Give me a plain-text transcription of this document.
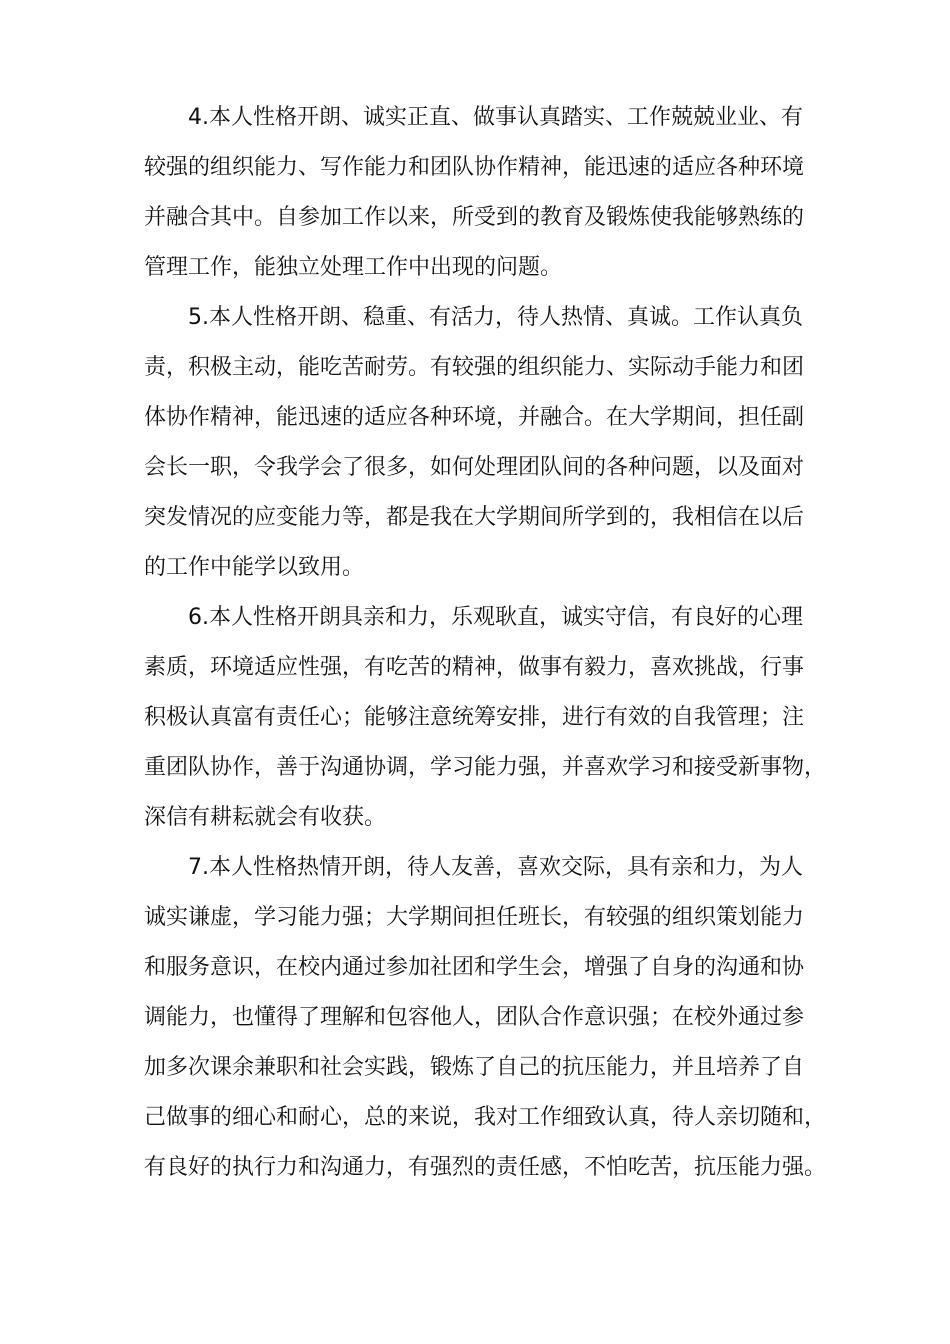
4.本人性格开朗、诚实正直、做事认真踏实、工作兢兢业业、有
较强的组织能力、写作能力和团队协作精神，能迅速的适应各种环境
并融合其中。自参加工作以来，所受到的教育及锻炼使我能够熟练的
管理工作，能独立处理工作中出现的问题。
5.本人性格开朗、稳重、有活力，待人热情、真诚。工作认真负
责，积极主动，能吃苦耐劳。有较强的组织能力、实际动手能力和团
体协作精神，能迅速的适应各种环境，并融合。在大学期间，担任副
会长一职，令我学会了很多，如何处理团队间的各种问题，以及面对
突发情况的应变能力等，都是我在大学期间所学到的，我相信在以后
的工作中能学以致用。
6.本人性格开朗具亲和力，乐观耿直，诚实守信，有良好的心理
素质，环境适应性强，有吃苦的精神，做事有毅力，喜欢挑战，行事
积极认真富有责任心；能够注意统筹安排，进行有效的自我管理；注
重团队协作，善于沟通协调，学习能力强，并喜欢学习和接受新事物，
深信有耕耘就会有收获。
7.本人性格热情开朗，待人友善，喜欢交际，具有亲和力，为人
诚实谦虚，学习能力强；大学期间担任班长，有较强的组织策划能力
和服务意识，在校内通过参加社团和学生会，增强了自身的沟通和协
调能力，也懂得了理解和包容他人，团队合作意识强；在校外通过参
加多次课余兼职和社会实践，锻炼了自己的抗压能力，并且培养了自
己做事的细心和耐心，总的来说，我对工作细致认真，待人亲切随和，
有良好的执行力和沟通力，有强烈的责任感，不怕吃苦，抗压能力强。
